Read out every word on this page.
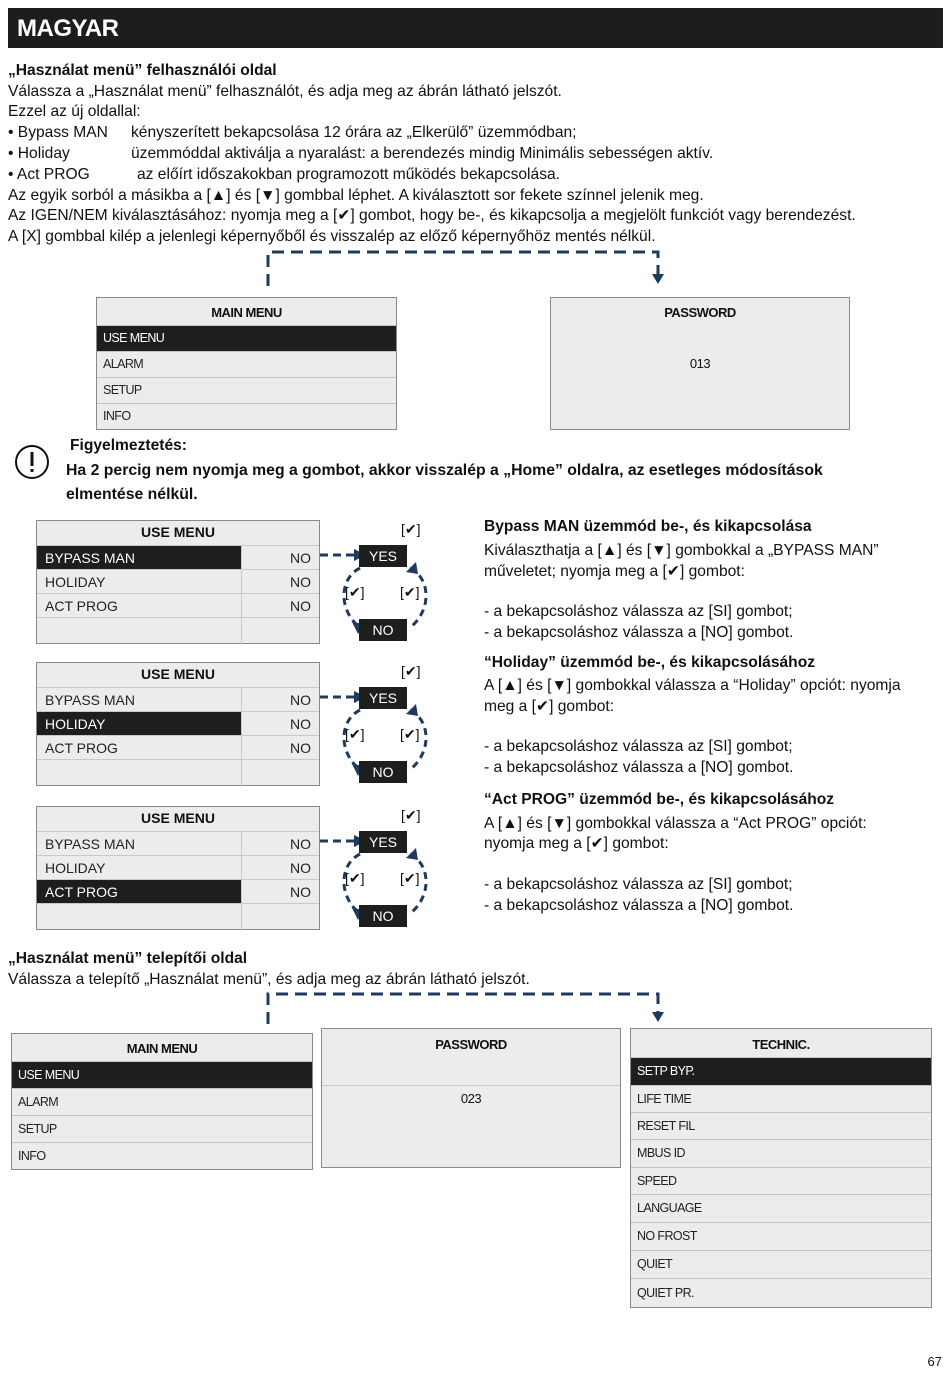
MAGYAR
„Használat menü” felhasználói oldal
Válassza a „Használat menü” felhasználót, és adja meg az ábrán látható jelszót.
Ezzel az új oldallal:
• Bypass MAN kényszerített bekapcsolása 12 órára az „Elkerülő” üzemmódban;
• Holiday	üzemmóddal aktiválja a nyaralást: a berendezés mindig Minimális sebességen aktív.
• Act PROG	az előírt időszakokban programozott működés bekapcsolása.
Az egyik sorból a másikba a [▲] és [▼] gombbal léphet. A kiválasztott sor fekete színnel jelenik meg.
Az IGEN/NEM kiválasztásához: nyomja meg a [✔] gombot, hogy be-, és kikapcsolja a megjelölt funkciót vagy berendezést.
A [X] gombbal kilép a jelenlegi képernyőből és visszalép az előző képernyőhöz mentés nélkül.
MAIN MENU
USE MENU
ALARM
SETUP
INFO
PASSWORD
013
Figyelmeztetés:
Ha 2 percig nem nyomja meg a gombot, akkor visszalép a „Home” oldalra, az esetleges módosítások
elmentése nélkül.
USE MENU
BYPASS MAN	NO
HOLIDAY	NO
ACT PROG	NO
USE MENU
BYPASS MAN	NO
HOLIDAY	NO
ACT PROG	NO
USE MENU
BYPASS MAN	NO
HOLIDAY	NO
ACT PROG	NO
[✔]
YES
[✔]	[✔]
NO
[✔]
YES
[✔]	[✔]
NO
[✔]
YES
[✔]	[✔]
NO
Bypass MAN üzemmód be-, és kikapcsolása
Kiválaszthatja a [▲] és [▼] gombokkal a „BYPASS MAN”
műveletet; nyomja meg a [✔] gombot:
- a bekapcsoláshoz válassza az [SI] gombot;
- a bekapcsoláshoz válassza a [NO] gombot.
“Holiday” üzemmód be-, és kikapcsolásához
A [▲] és [▼] gombokkal válassza a “Holiday” opciót: nyomja
meg a [✔] gombot:
- a bekapcsoláshoz válassza az [SI] gombot;
- a bekapcsoláshoz válassza a [NO] gombot.
“Act PROG” üzemmód be-, és kikapcsolásához
A [▲] és [▼] gombokkal válassza a “Act PROG” opciót:
nyomja meg a [✔] gombot:
- a bekapcsoláshoz válassza az [SI] gombot;
- a bekapcsoláshoz válassza a [NO] gombot.
„Használat menü” telepítői oldal
Válassza a telepítő „Használat menü”, és adja meg az ábrán látható jelszót.
MAIN MENU
USE MENU
ALARM
SETUP
INFO
PASSWORD
023
TECHNIC.
SETP BYP.
LIFE TIME
RESET FIL
MBUS ID
SPEED
LANGUAGE
NO FROST
QUIET
QUIET PR.
67
